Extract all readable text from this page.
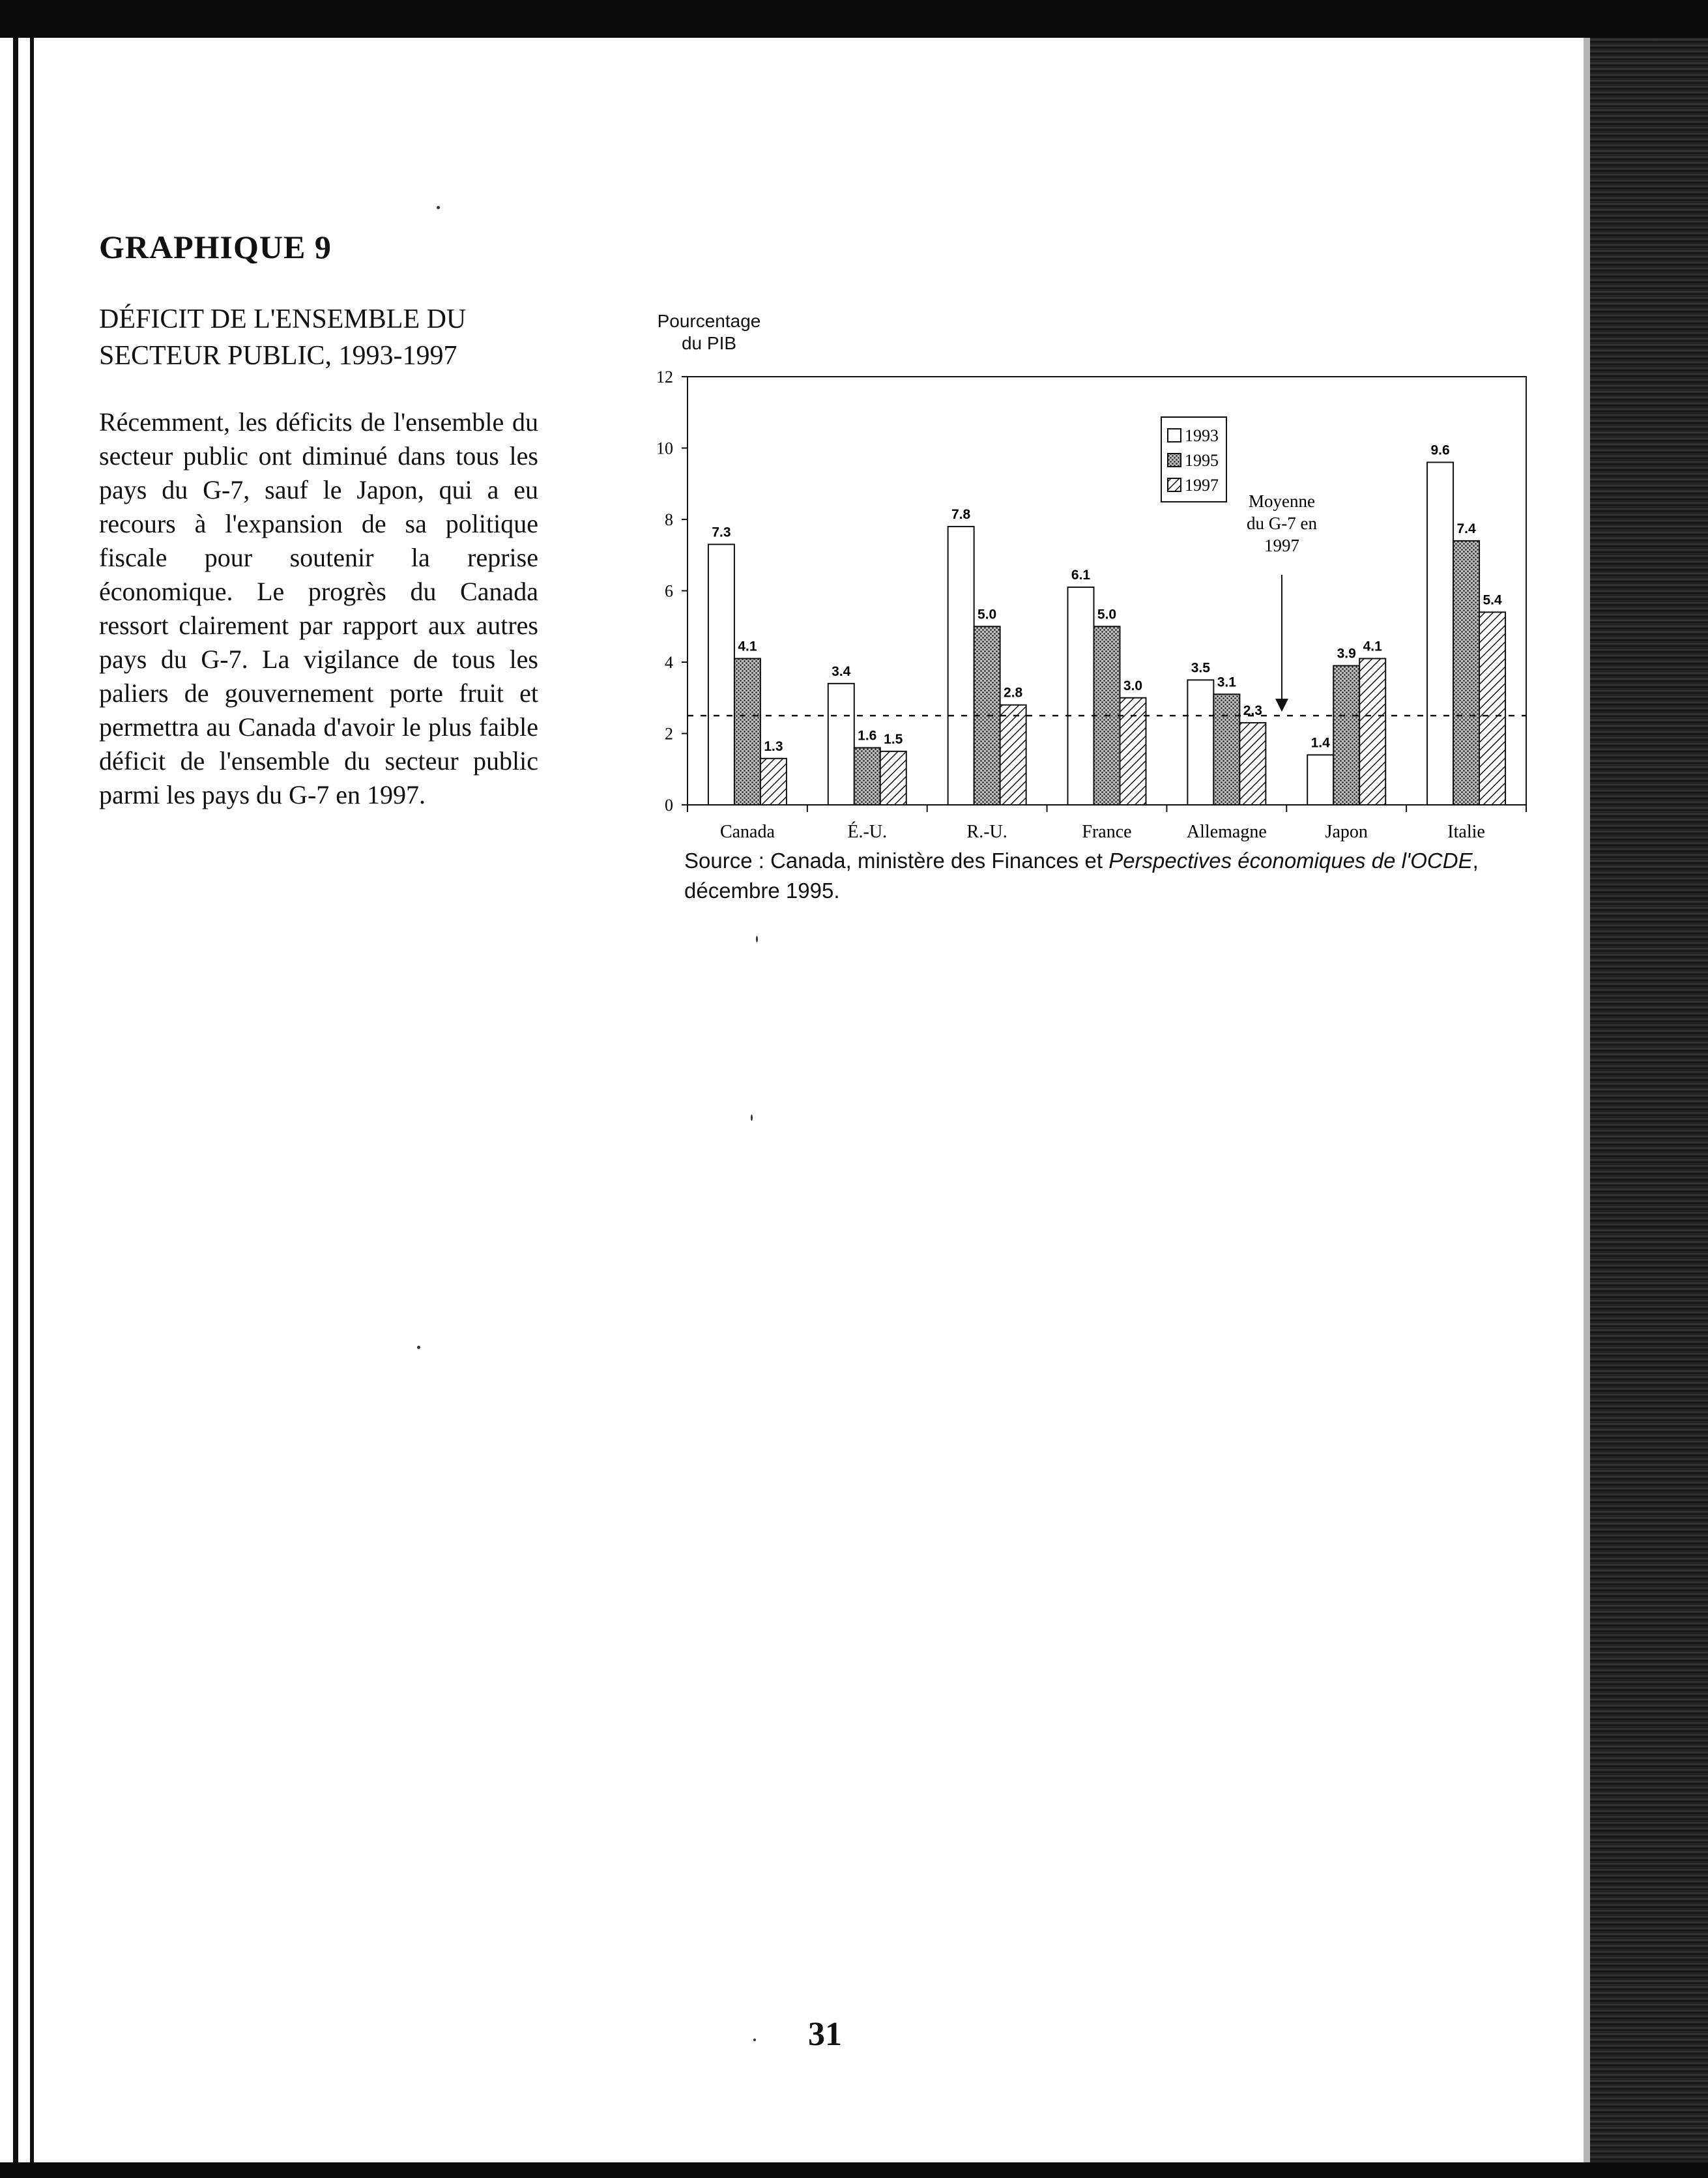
GRAPHIQUE 9
DÉFICIT DE L'ENSEMBLE DU
SECTEUR PUBLIC, 1993-1997
Récemment, les déficits de l'ensemble du secteur public ont diminué dans tous les pays du G-7, sauf le Japon, qui a eu recours à l'expansion de sa politique fiscale pour soutenir la reprise économique. Le progrès du Canada ressort clairement par rapport aux autres pays du G-7. La vigilance de tous les paliers de gouvernement porte fruit et permettra au Canada d'avoir le plus faible déficit de l'ensemble du secteur public parmi les pays du G-7 en 1997.
Pourcentage
du PIB
0
2
4
6
8
10
12
Canada	É.-U.	R.-U.	France	Allemagne	Japon	Italie
7.3
4.1
1.3
3.4
1.6 1.5
7.8
5.0
2.8
6.1
5.0
3.0
3.5
3.1
2.3
1.4
3.9 4.1
9.6
7.4
5.4
Moyenne
du G-7 en
1997
1993
1995
1997
Source : Canada, ministère des Finances et Perspectives économiques de l'OCDE, décembre 1995.
31
